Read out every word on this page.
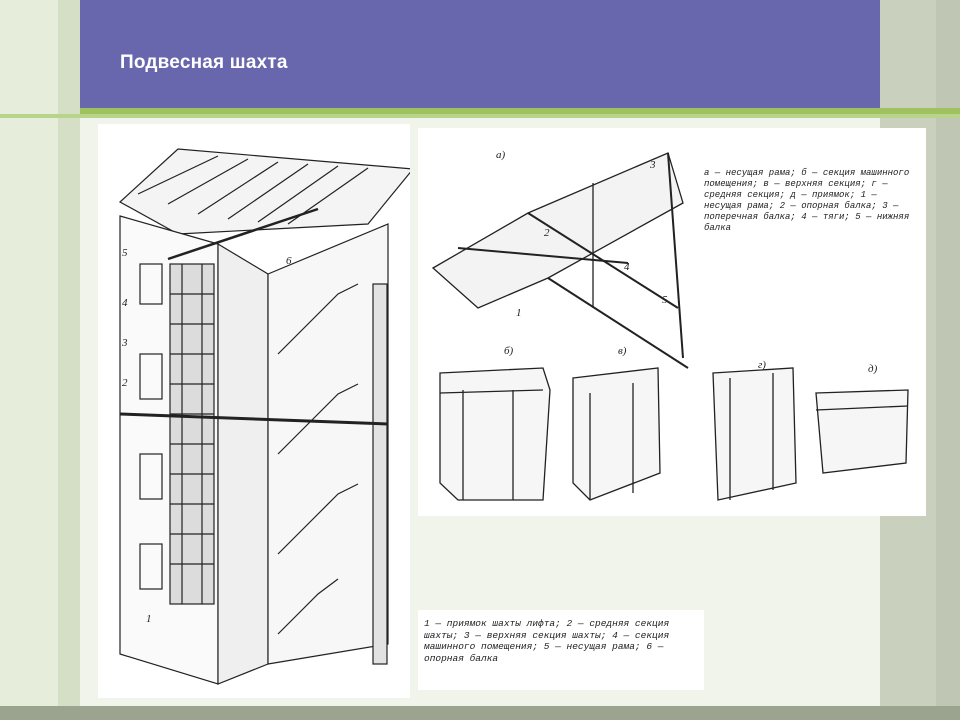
Подвесная шахта
5
4
3
2
1
6
а)
б)	в)
г)	д)
1
2
3
4
5
а — несущая рама; б — секция машинного помещения; в — верхняя секция; г — средняя секция; д — приямок; 1 — несущая рама; 2 — опорная балка; 3 — поперечная балка; 4 — тяги; 5 — нижняя балка
1 — приямок шахты лифта; 2 — средняя секция шахты; 3 — верхняя секция шахты; 4 — секция машинного помещения; 5 — несущая рама; 6 — опорная балка
